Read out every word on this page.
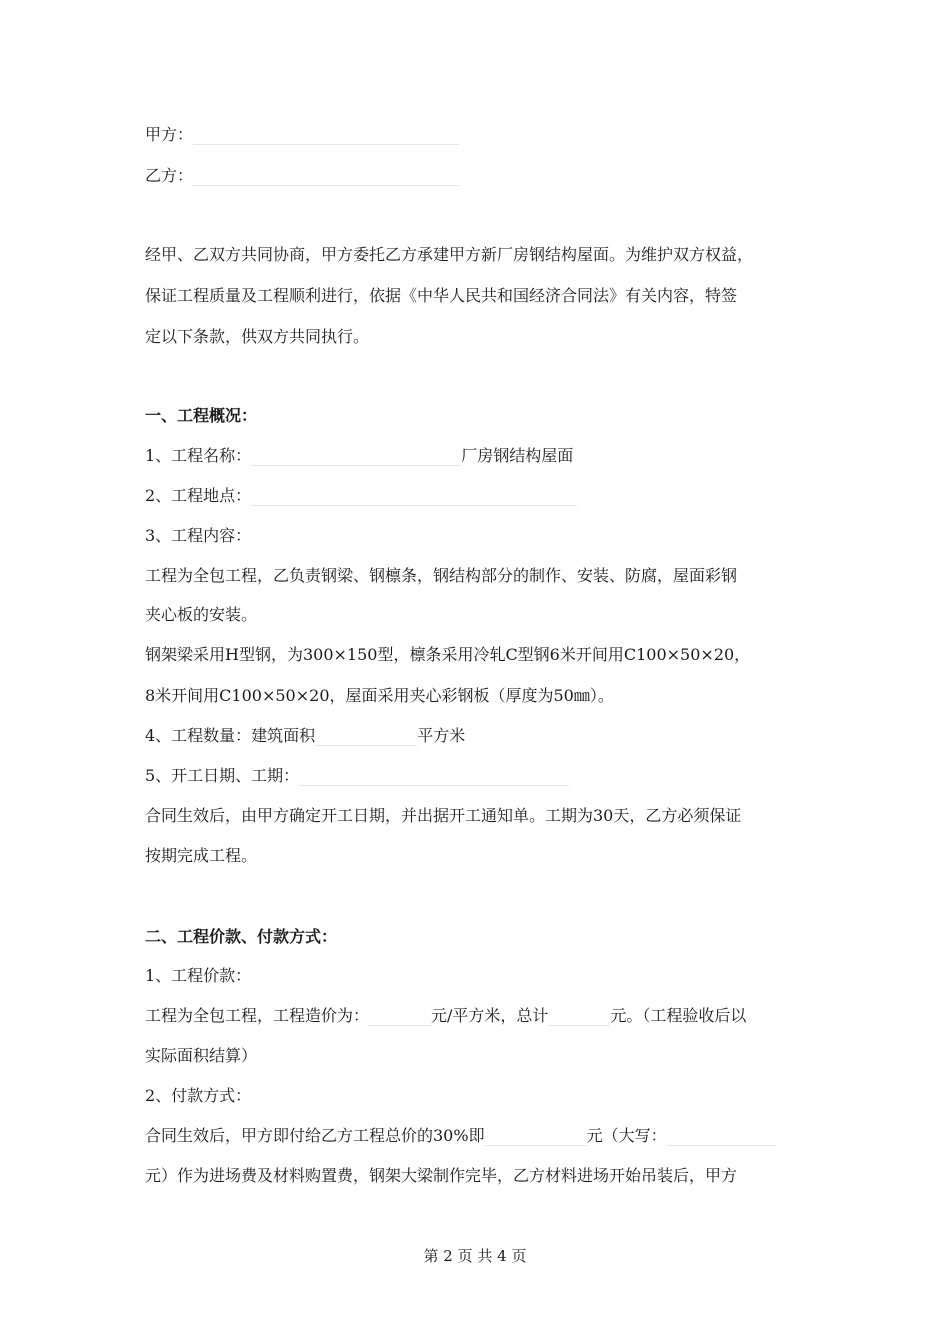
甲方：
乙方：
经甲、乙双方共同协商，甲方委托乙方承建甲方新厂房钢结构屋面。为维护双方权益，
保证工程质量及工程顺利进行，依据《中华人民共和国经济合同法》有关内容，特签
定以下条款，供双方共同执行。
一、工程概况：
1、工程名称：	厂房钢结构屋面
2、工程地点：
3、工程内容：
工程为全包工程，乙负责钢梁、钢檩条，钢结构部分的制作、安装、防腐，屋面彩钢
夹心板的安装。
钢架梁采用H型钢，为300×150型，檩条采用冷轧C型钢6米开间用C100×50×20，
8米开间用C100×50×20，屋面采用夹心彩钢板（厚度为50㎜）。
4、工程数量：建筑面积	平方米
5、开工日期、工期：
合同生效后，由甲方确定开工日期，并出据开工通知单。工期为30天，乙方必须保证
按期完成工程。
二、工程价款、付款方式：
1、工程价款：
工程为全包工程，工程造价为：	元/平方米，总计	元。（工程验收后以
实际面积结算）
2、付款方式：
合同生效后，甲方即付给乙方工程总价的30%即	元（大写：
元）作为进场费及材料购置费，钢架大梁制作完毕，乙方材料进场开始吊装后，甲方
第 2 页 共 4 页
